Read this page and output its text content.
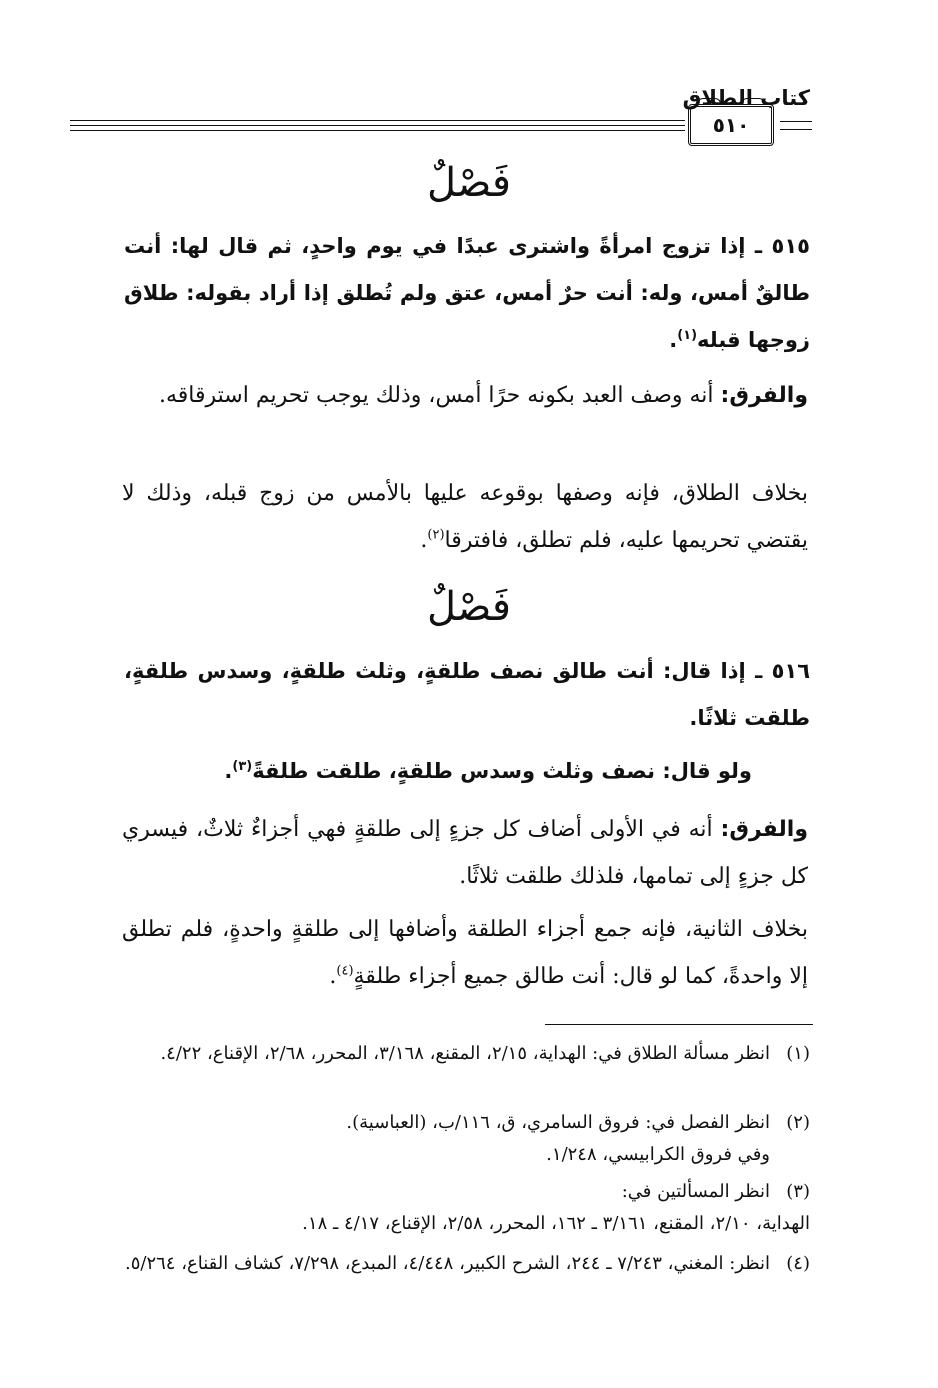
كتاب الطلاق
٥١٠
فَصْلٌ
٥١٥ ـ إذا تزوج امرأةً واشترى عبدًا في يوم واحدٍ، ثم قال لها: أنت طالقٌ أمس، وله: أنت حرٌ أمس، عتق ولم تُطلق إذا أراد بقوله: طلاق زوجها قبله$^{(١)}$.
والفرق: أنه وصف العبد بكونه حرًا أمس، وذلك يوجب تحريم استرقاقه.
بخلاف الطلاق، فإنه وصفها بوقوعه عليها بالأمس من زوج قبله، وذلك لا يقتضي تحريمها عليه، فلم تطلق، فافترقا$^{(٢)}$.
فَصْلٌ
٥١٦ ـ إذا قال: أنت طالق نصف طلقةٍ، وثلث طلقةٍ، وسدس طلقةٍ، طلقت ثلاثًا.
ولو قال: نصف وثلث وسدس طلقةٍ، طلقت طلقةً$^{(٣)}$.
والفرق: أنه في الأولى أضاف كل جزءٍ إلى طلقةٍ فهي أجزاءٌ ثلاثٌ، فيسري كل جزءٍ إلى تمامها، فلذلك طلقت ثلاثًا.
بخلاف الثانية، فإنه جمع أجزاء الطلقة وأضافها إلى طلقةٍ واحدةٍ، فلم تطلق إلا واحدةً، كما لو قال: أنت طالق جميع أجزاء طلقةٍ$^{(٤)}$.
(١)انظر مسألة الطلاق في: الهداية، ٢/١٥، المقنع، ٣/١٦٨، المحرر، ٢/٦٨، الإقناع، ٤/٢٢.
(٢)انظر الفصل في: فروق السامري، ق، ١١٦/ب، (العباسية).
وفي فروق الكرابيسي، ١/٢٤٨.
(٣)انظر المسألتين في:
الهداية، ٢/١٠، المقنع، ٣/١٦١ ـ ١٦٢، المحرر، ٢/٥٨، الإقناع، ٤/١٧ ـ ١٨.
(٤)انظر: المغني، ٧/٢٤٣ ـ ٢٤٤، الشرح الكبير، ٤/٤٤٨، المبدع، ٧/٢٩٨، كشاف القناع، ٥/٢٦٤.
